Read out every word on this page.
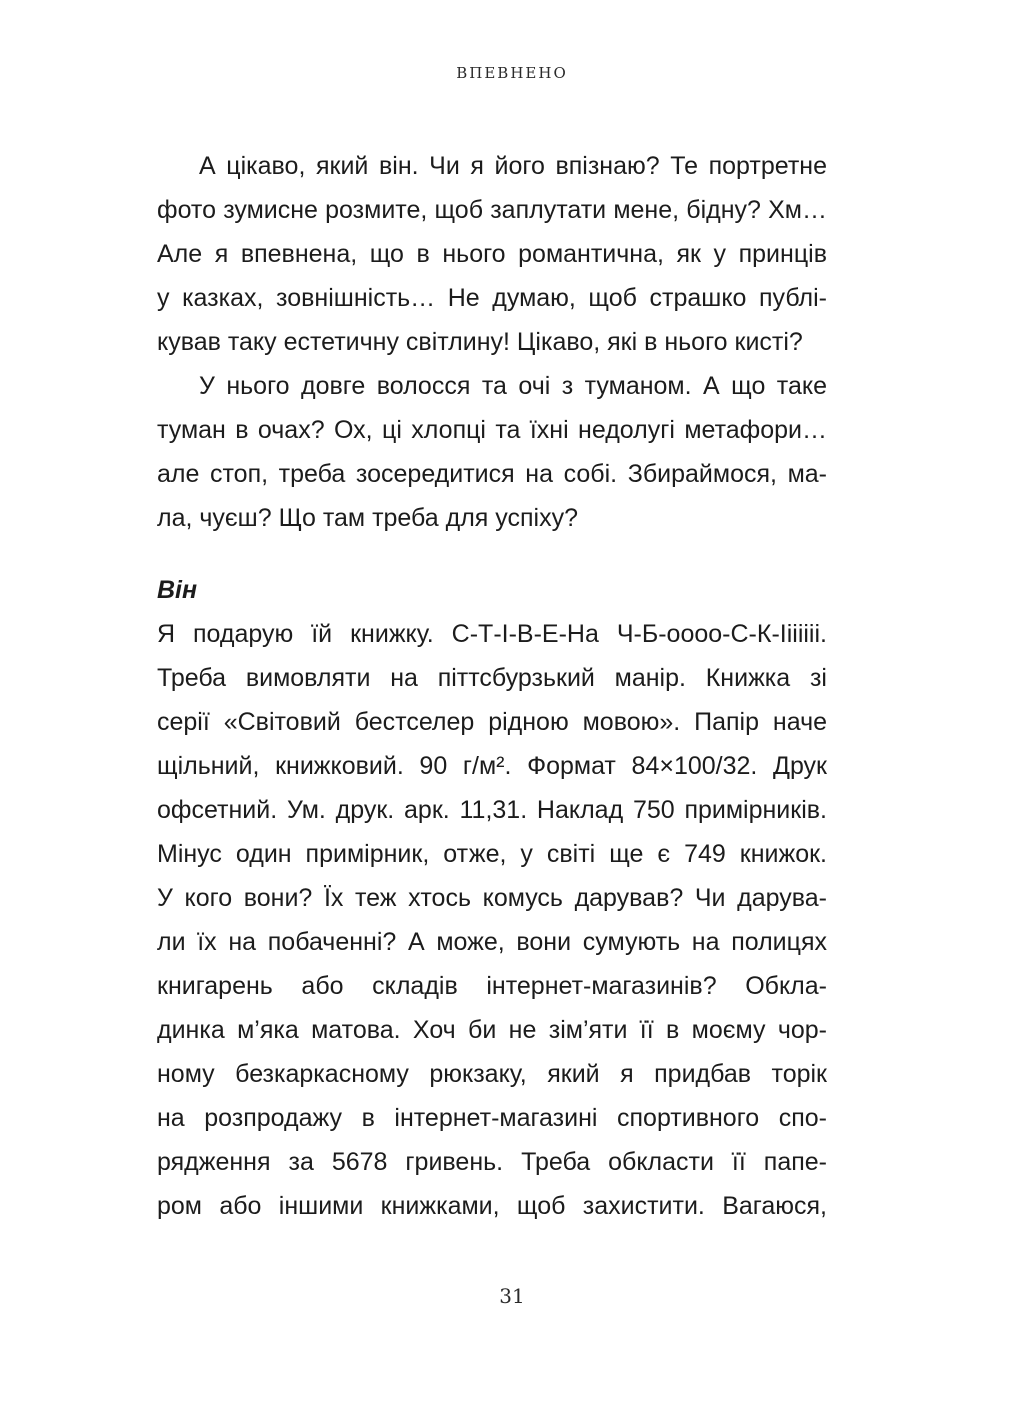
ВПЕВНЕНО
А цікаво, який він. Чи я його впізнаю? Те портретне
фото зумисне розмите, щоб заплутати мене, бідну? Хм…
Але я впевнена, що в нього романтична, як у принців
у казках, зовнішність… Не думаю, щоб страшко публі-
кував таку естетичну світлину! Цікаво, які в нього кисті?
У нього довге волосся та очі з туманом. А що таке
туман в очах? Ох, ці хлопці та їхні недолугі метафори…
але стоп, треба зосередитися на собі. Збираймося, ма-
ла, чуєш? Що там треба для успіху?
Він
Я подарую їй книжку. С-Т-І-В-Е-На Ч-Б-оооо-С-К-Іiiiiii.
Треба вимовляти на піттсбурзький манір. Книжка зі
серії «Світовий бестселер рідною мовою». Папір наче
щільний, книжковий. 90 г/м². Формат 84×100/32. Друк
офсетний. Ум. друк. арк. 11,31. Наклад 750 примірників.
Мінус один примірник, отже, у світі ще є 749 книжок.
У кого вони? Їх теж хтось комусь дарував? Чи дарува-
ли їх на побаченні? А може, вони сумують на полицях
книгарень або складів інтернет-магазинів? Обкла-
динка м’яка матова. Хоч би не зім’яти її в моєму чор-
ному безкаркасному рюкзаку, який я придбав торік
на розпродажу в інтернет-магазині спортивного спо-
рядження за 5678 гривень. Треба обкласти її папе-
ром або іншими книжками, щоб захистити. Вагаюся,
31
